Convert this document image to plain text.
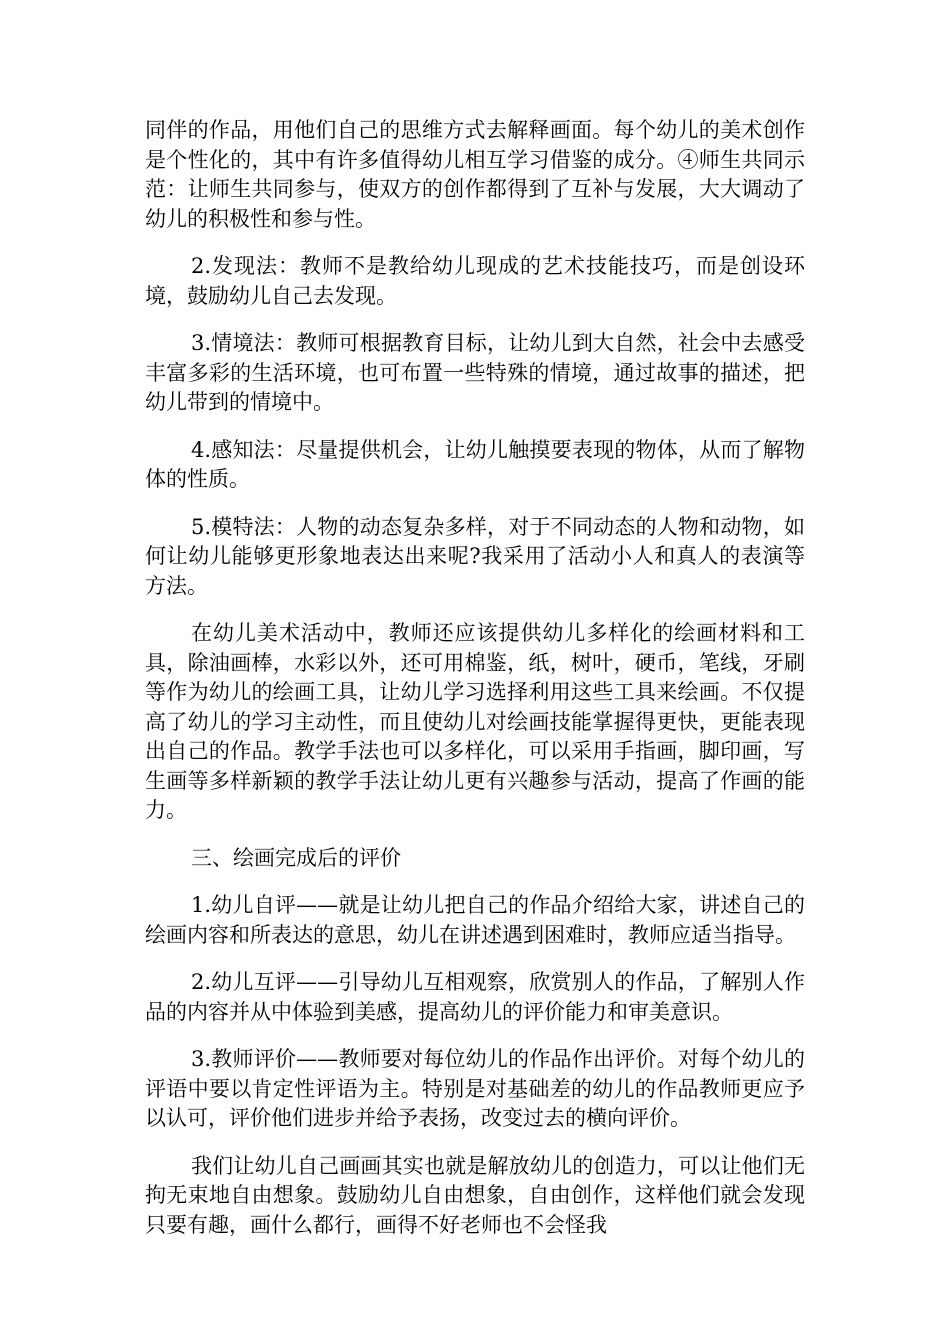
同伴的作品，用他们自己的思维方式去解释画面。每个幼儿的美术创作是个性化的，其中有许多值得幼儿相互学习借鉴的成分。④师生共同示范：让师生共同参与，使双方的创作都得到了互补与发展，大大调动了幼儿的积极性和参与性。

2.发现法：教师不是教给幼儿现成的艺术技能技巧，而是创设环境，鼓励幼儿自己去发现。

3.情境法：教师可根据教育目标，让幼儿到大自然，社会中去感受丰富多彩的生活环境，也可布置一些特殊的情境，通过故事的描述，把幼儿带到的情境中。

4.感知法：尽量提供机会，让幼儿触摸要表现的物体，从而了解物体的性质。

5.模特法：人物的动态复杂多样，对于不同动态的人物和动物，如何让幼儿能够更形象地表达出来呢?我采用了活动小人和真人的表演等方法。

在幼儿美术活动中，教师还应该提供幼儿多样化的绘画材料和工具，除油画棒，水彩以外，还可用棉鉴，纸，树叶，硬币，笔线，牙刷等作为幼儿的绘画工具，让幼儿学习选择利用这些工具来绘画。不仅提高了幼儿的学习主动性，而且使幼儿对绘画技能掌握得更快，更能表现出自己的作品。教学手法也可以多样化，可以采用手指画，脚印画，写生画等多样新颖的教学手法让幼儿更有兴趣参与活动，提高了作画的能力。

三、绘画完成后的评价

1.幼儿自评——就是让幼儿把自己的作品介绍给大家，讲述自己的绘画内容和所表达的意思，幼儿在讲述遇到困难时，教师应适当指导。

2.幼儿互评——引导幼儿互相观察，欣赏别人的作品，了解别人作品的内容并从中体验到美感，提高幼儿的评价能力和审美意识。

3.教师评价——教师要对每位幼儿的作品作出评价。对每个幼儿的评语中要以肯定性评语为主。特别是对基础差的幼儿的作品教师更应予以认可，评价他们进步并给予表扬，改变过去的横向评价。

我们让幼儿自己画画其实也就是解放幼儿的创造力，可以让他们无拘无束地自由想象。鼓励幼儿自由想象，自由创作，这样他们就会发现只要有趣，画什么都行，画得不好老师也不会怪我
